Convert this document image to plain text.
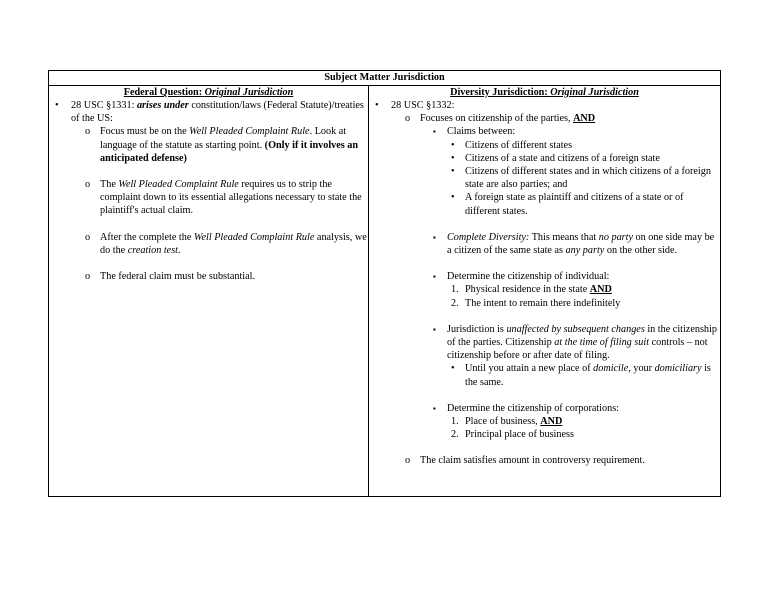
Subject Matter Jurisdiction
Federal Question: Original Jurisdiction
• 28 USC §1331: arises under constitution/laws (Federal Statute)/treaties of the US:
o Focus must be on the Well Pleaded Complaint Rule. Look at language of the statute as starting point. (Only if it involves an anticipated defense)
o The Well Pleaded Complaint Rule requires us to strip the complaint down to its essential allegations necessary to state the plaintiff's actual claim.
o After the complete the Well Pleaded Complaint Rule analysis, we do the creation test.
o The federal claim must be substantial.
Diversity Jurisdiction: Original Jurisdiction
• 28 USC §1332:
o Focuses on citizenship of the parties, AND
▪ Claims between:
• Citizens of different states
• Citizens of a state and citizens of a foreign state
• Citizens of different states and in which citizens of a foreign state are also parties; and
• A foreign state as plaintiff and citizens of a state or of different states.
▪ Complete Diversity: This means that no party on one side may be a citizen of the same state as any party on the other side.
▪ Determine the citizenship of individual:
1. Physical residence in the state AND
2. The intent to remain there indefinitely
▪ Jurisdiction is unaffected by subsequent changes in the citizenship of the parties. Citizenship at the time of filing suit controls – not citizenship before or after date of filing.
• Until you attain a new place of domicile, your domiciliary is the same.
▪ Determine the citizenship of corporations:
1. Place of business, AND
2. Principal place of business
o The claim satisfies amount in controversy requirement.
